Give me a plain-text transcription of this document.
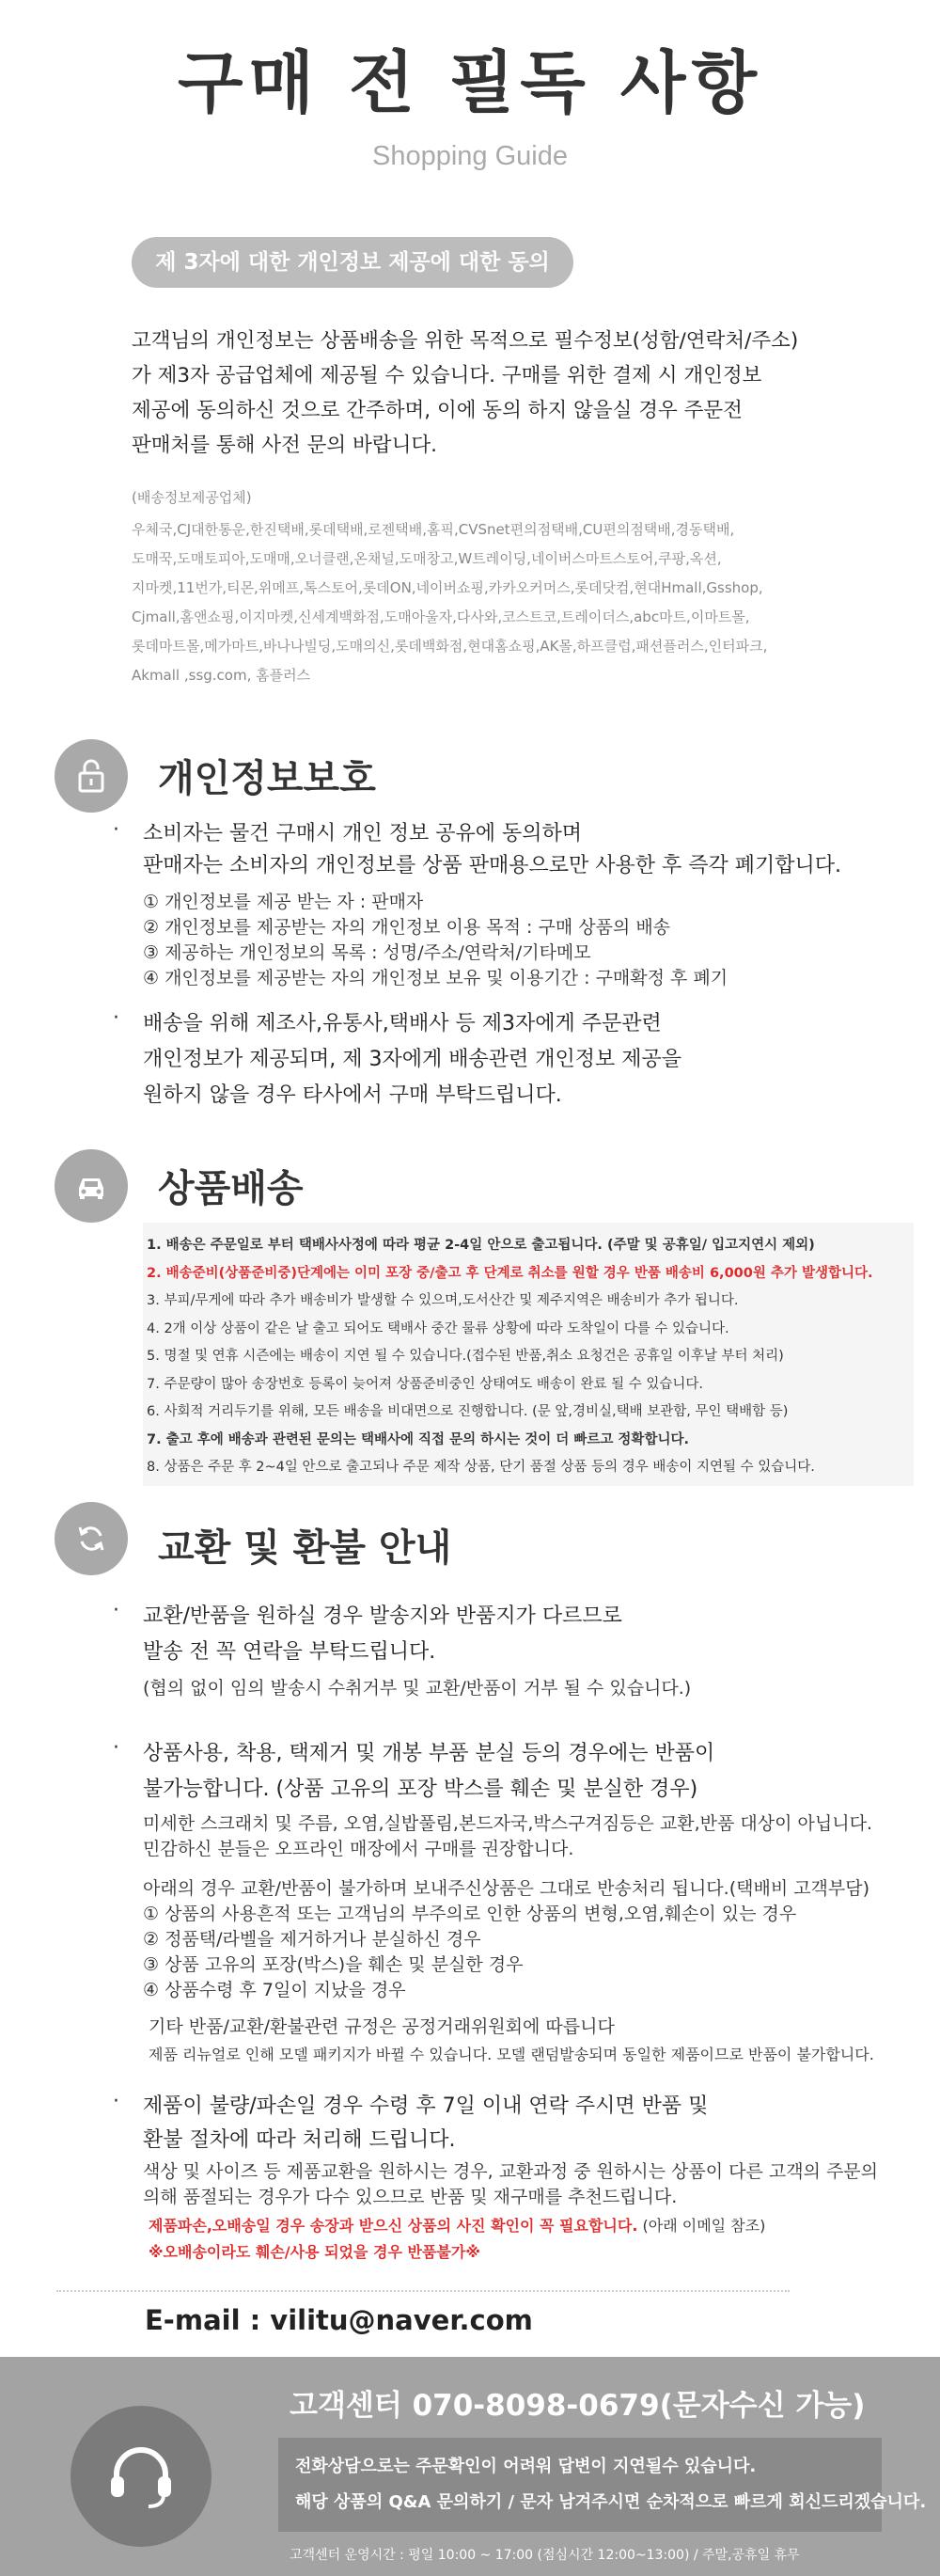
구매 전 필독 사항
Shopping Guide
제 3자에 대한 개인정보 제공에 대한 동의
고객님의 개인정보는 상품배송을 위한 목적으로 필수정보(성함/연락처/주소)
가 제3자 공급업체에 제공될 수 있습니다. 구매를 위한 결제 시 개인정보
제공에 동의하신 것으로 간주하며, 이에 동의 하지 않을실 경우 주문전
판매처를 통해 사전 문의 바랍니다.
(배송정보제공업체)
우체국,CJ대한통운,한진택배,롯데택배,로젠택배,홈픽,CVSnet편의점택배,CU편의점택배,경동택배,
도매꾹,도매토피아,도매매,오너클랜,온채널,도매창고,W트레이딩,네이버스마트스토어,쿠팡,옥션,
지마켓,11번가,티몬,위메프,톡스토어,롯데ON,네이버쇼핑,카카오커머스,롯데닷컴,현대Hmall,Gsshop,
Cjmall,홈앤쇼핑,이지마켓,신세계백화점,도매아울자,다사와,코스트코,트레이더스,abc마트,이마트몰,
롯데마트몰,메가마트,바나나빌딩,도매의신,롯데백화점,현대홈쇼핑,AK몰,하프클럽,패션플러스,인터파크,
Akmall ,ssg.com, 홈플러스
개인정보보호
· 소비자는 물건 구매시 개인 정보 공유에 동의하며
판매자는 소비자의 개인정보를 상품 판매용으로만 사용한 후 즉각 폐기합니다.
① 개인정보를 제공 받는 자 : 판매자
② 개인정보를 제공받는 자의 개인정보 이용 목적 : 구매 상품의 배송
③ 제공하는 개인정보의 목록 : 성명/주소/연락처/기타메모
④ 개인정보를 제공받는 자의 개인정보 보유 및 이용기간 : 구매확정 후 폐기
· 배송을 위해 제조사,유통사,택배사 등 제3자에게 주문관련
개인정보가 제공되며, 제 3자에게 배송관련 개인정보 제공을
원하지 않을 경우 타사에서 구매 부탁드립니다.
상품배송
1. 배송은 주문일로 부터 택배사사정에 따라 평균 2-4일 안으로 출고됩니다. (주말 및 공휴일/ 입고지연시 제외)
2. 배송준비(상품준비중)단계에는 이미 포장 중/출고 후 단계로 취소를 원할 경우 반품 배송비 6,000원 추가 발생합니다.
3. 부피/무게에 따라 추가 배송비가 발생할 수 있으며,도서산간 및 제주지역은 배송비가 추가 됩니다.
4. 2개 이상 상품이 같은 날 출고 되어도 택배사 중간 물류 상황에 따라 도착일이 다를 수 있습니다.
5. 명절 및 연휴 시즌에는 배송이 지연 될 수 있습니다.(접수된 반품,취소 요청건은 공휴일 이후날 부터 처리)
7. 주문량이 많아 송장번호 등록이 늦어져 상품준비중인 상태여도 배송이 완료 될 수 있습니다.
6. 사회적 거리두기를 위해, 모든 배송을 비대면으로 진행합니다. (문 앞,경비실,택배 보관함, 무인 택배함 등)
7. 출고 후에 배송과 관련된 문의는 택배사에 직접 문의 하시는 것이 더 빠르고 정확합니다.
8. 상품은 주문 후 2~4일 안으로 출고되나 주문 제작 상품, 단기 품절 상품 등의 경우 배송이 지연될 수 있습니다.
교환 및 환불 안내
· 교환/반품을 원하실 경우 발송지와 반품지가 다르므로
발송 전 꼭 연락을 부탁드립니다.
(협의 없이 임의 발송시 수취거부 및 교환/반품이 거부 될 수 있습니다.)
· 상품사용, 착용, 택제거 및 개봉 부품 분실 등의 경우에는 반품이
불가능합니다. (상품 고유의 포장 박스를 훼손 및 분실한 경우)
미세한 스크래치 및 주름, 오염,실밥풀림,본드자국,박스구겨짐등은 교환,반품 대상이 아닙니다.
민감하신 분들은 오프라인 매장에서 구매를 권장합니다.
아래의 경우 교환/반품이 불가하며 보내주신상품은 그대로 반송처리 됩니다.(택배비 고객부담)
① 상품의 사용흔적 또는 고객님의 부주의로 인한 상품의 변형,오염,훼손이 있는 경우
② 정품택/라벨을 제거하거나 분실하신 경우
③ 상품 고유의 포장(박스)을 훼손 및 분실한 경우
④ 상품수령 후 7일이 지났을 경우
기타 반품/교환/환불관련 규정은 공정거래위원회에 따릅니다
제품 리뉴얼로 인해 모델 패키지가 바뀔 수 있습니다. 모델 랜덤발송되며 동일한 제품이므로 반품이 불가합니다.
· 제품이 불량/파손일 경우 수령 후 7일 이내 연락 주시면 반품 및
환불 절차에 따라 처리해 드립니다.
색상 및 사이즈 등 제품교환을 원하시는 경우, 교환과정 중 원하시는 상품이 다른 고객의 주문의
의해 품절되는 경우가 다수 있으므로 반품 및 재구매를 추천드립니다.
제품파손,오배송일 경우 송장과 받으신 상품의 사진 확인이 꼭 필요합니다. (아래 이메일 참조)
※오배송이라도 훼손/사용 되었을 경우 반품불가※
E-mail : vilitu@naver.com
고객센터 070-8098-0679(문자수신 가능)
전화상담으로는 주문확인이 어려워 답변이 지연될수 있습니다.
해당 상품의 Q&A 문의하기 / 문자 남겨주시면 순차적으로 빠르게 회신드리겠습니다.
고객센터 운영시간 : 평일 10:00 ~ 17:00 (점심시간 12:00~13:00) / 주말,공휴일 휴무
